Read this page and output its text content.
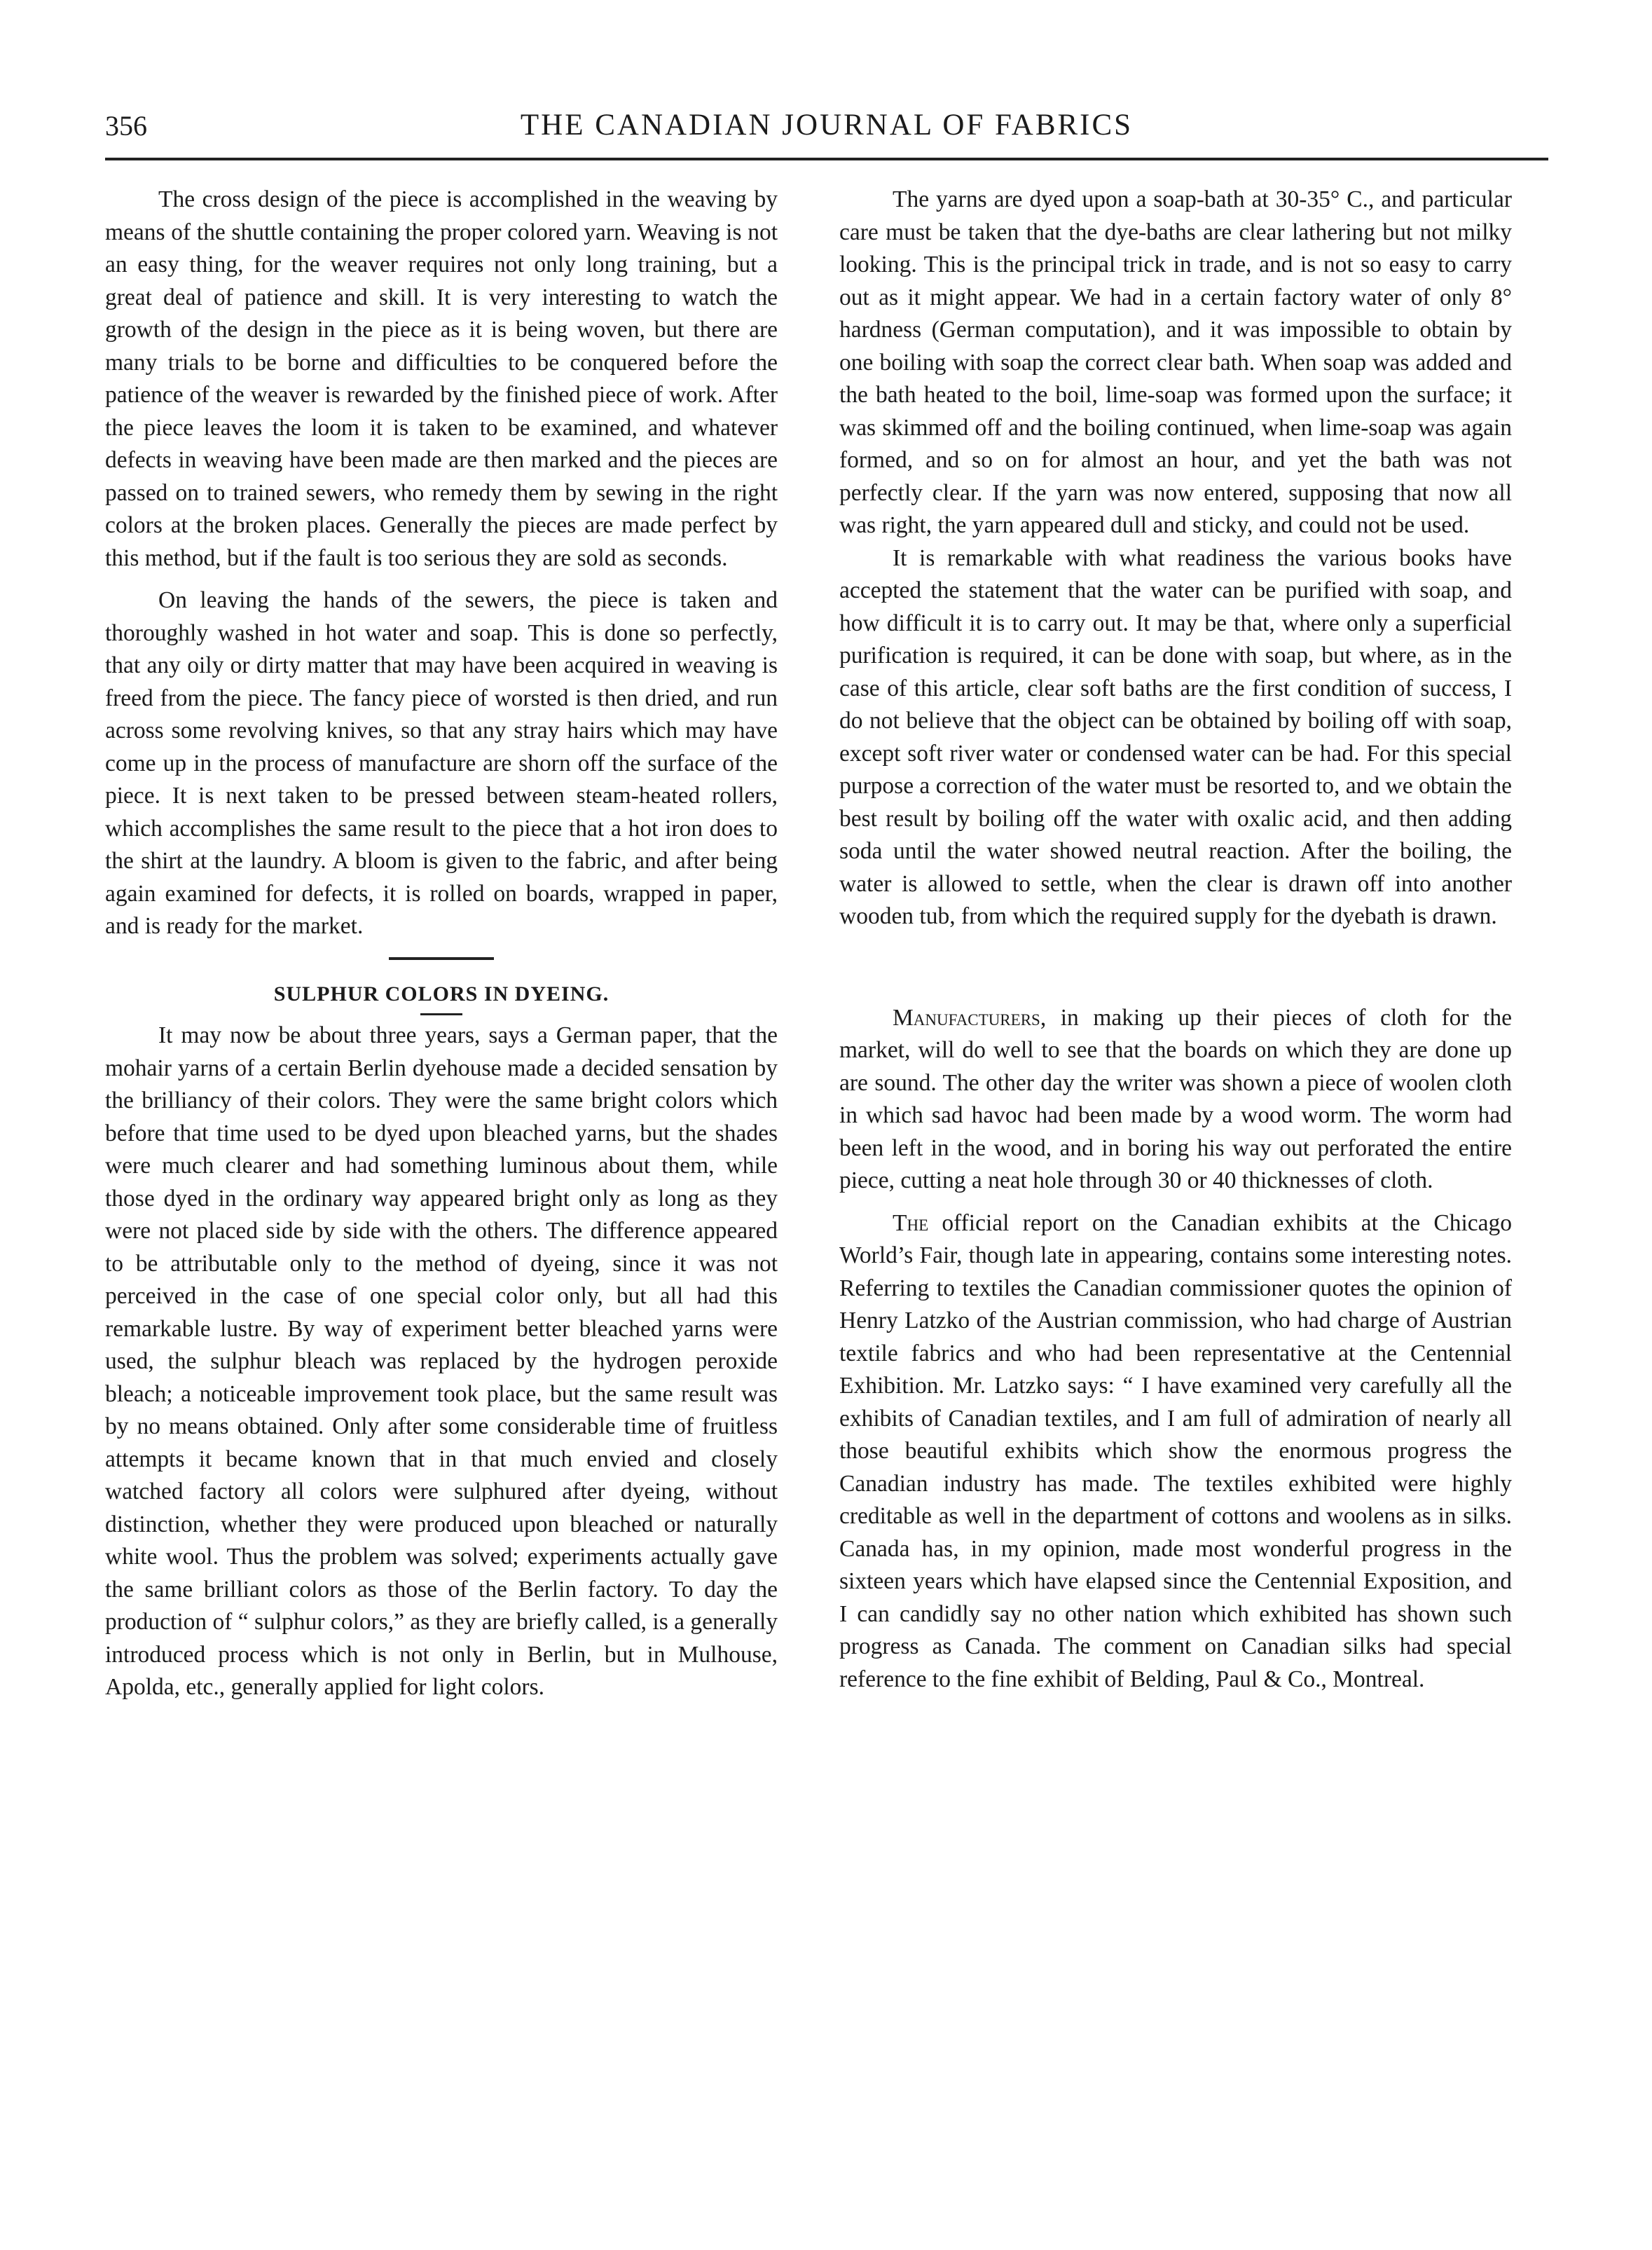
356	THE CANADIAN JOURNAL OF FABRICS

The cross design of the piece is accomplished in the weaving by means of the shuttle containing the proper colored yarn. Weaving is not an easy thing, for the weaver requires not only long training, but a great deal of patience and skill. It is very interesting to watch the growth of the design in the piece as it is being woven, but there are many trials to be borne and difficulties to be conquered before the patience of the weaver is rewarded by the finished piece of work. After the piece leaves the loom it is taken to be examined, and whatever defects in weaving have been made are then marked and the pieces are passed on to trained sewers, who remedy them by sewing in the right colors at the broken places. Generally the pieces are made perfect by this method, but if the fault is too serious they are sold as seconds.

On leaving the hands of the sewers, the piece is taken and thoroughly washed in hot water and soap. This is done so perfectly, that any oily or dirty matter that may have been acquired in weaving is freed from the piece. The fancy piece of worsted is then dried, and run across some revolving knives, so that any stray hairs which may have come up in the process of manufacture are shorn off the surface of the piece. It is next taken to be pressed between steam-heated rollers, which accomplishes the same result to the piece that a hot iron does to the shirt at the laundry. A bloom is given to the fabric, and after being again examined for defects, it is rolled on boards, wrapped in paper, and is ready for the market.

SULPHUR COLORS IN DYEING.

It may now be about three years, says a German paper, that the mohair yarns of a certain Berlin dyehouse made a decided sensation by the brilliancy of their colors. They were the same bright colors which before that time used to be dyed upon bleached yarns, but the shades were much clearer and had something luminous about them, while those dyed in the ordinary way appeared bright only as long as they were not placed side by side with the others. The difference appeared to be attributable only to the method of dyeing, since it was not perceived in the case of one special color only, but all had this remarkable lustre. By way of experiment better bleached yarns were used, the sulphur bleach was replaced by the hydrogen peroxide bleach; a noticeable improvement took place, but the same result was by no means obtained. Only after some considerable time of fruitless attempts it became known that in that much envied and closely watched factory all colors were sulphured after dyeing, without distinction, whether they were produced upon bleached or naturally white wool. Thus the problem was solved; experiments actually gave the same brilliant colors as those of the Berlin factory. To day the production of “ sulphur colors,” as they are briefly called, is a generally introduced process which is not only in Berlin, but in Mulhouse, Apolda, etc., generally applied for light colors.

The yarns are dyed upon a soap-bath at 30-35° C., and particular care must be taken that the dye-baths are clear lathering but not milky looking. This is the principal trick in trade, and is not so easy to carry out as it might appear. We had in a certain factory water of only 8° hardness (German computation), and it was impossible to obtain by one boiling with soap the correct clear bath. When soap was added and the bath heated to the boil, lime-soap was formed upon the surface; it was skimmed off and the boiling continued, when lime-soap was again formed, and so on for almost an hour, and yet the bath was not perfectly clear. If the yarn was now entered, supposing that now all was right, the yarn appeared dull and sticky, and could not be used.

It is remarkable with what readiness the various books have accepted the statement that the water can be purified with soap, and how difficult it is to carry out. It may be that, where only a superficial purification is required, it can be done with soap, but where, as in the case of this article, clear soft baths are the first condition of success, I do not believe that the object can be obtained by boiling off with soap, except soft river water or condensed water can be had. For this special purpose a correction of the water must be resorted to, and we obtain the best result by boiling off the water with oxalic acid, and then adding soda until the water showed neutral reaction. After the boiling, the water is allowed to settle, when the clear is drawn off into another wooden tub, from which the required supply for the dyebath is drawn.

Manufacturers, in making up their pieces of cloth for the market, will do well to see that the boards on which they are done up are sound. The other day the writer was shown a piece of woolen cloth in which sad havoc had been made by a wood worm. The worm had been left in the wood, and in boring his way out perforated the entire piece, cutting a neat hole through 30 or 40 thicknesses of cloth.

The official report on the Canadian exhibits at the Chicago World’s Fair, though late in appearing, contains some interesting notes. Referring to textiles the Canadian commissioner quotes the opinion of Henry Latzko of the Austrian commission, who had charge of Austrian textile fabrics and who had been representative at the Centennial Exhibition. Mr. Latzko says: “ I have examined very carefully all the exhibits of Canadian textiles, and I am full of admiration of nearly all those beautiful exhibits which show the enormous progress the Canadian industry has made. The textiles exhibited were highly creditable as well in the department of cottons and woolens as in silks. Canada has, in my opinion, made most wonderful progress in the sixteen years which have elapsed since the Centennial Exposition, and I can candidly say no other nation which exhibited has shown such progress as Canada. The comment on Canadian silks had special reference to the fine exhibit of Belding, Paul & Co., Montreal.
